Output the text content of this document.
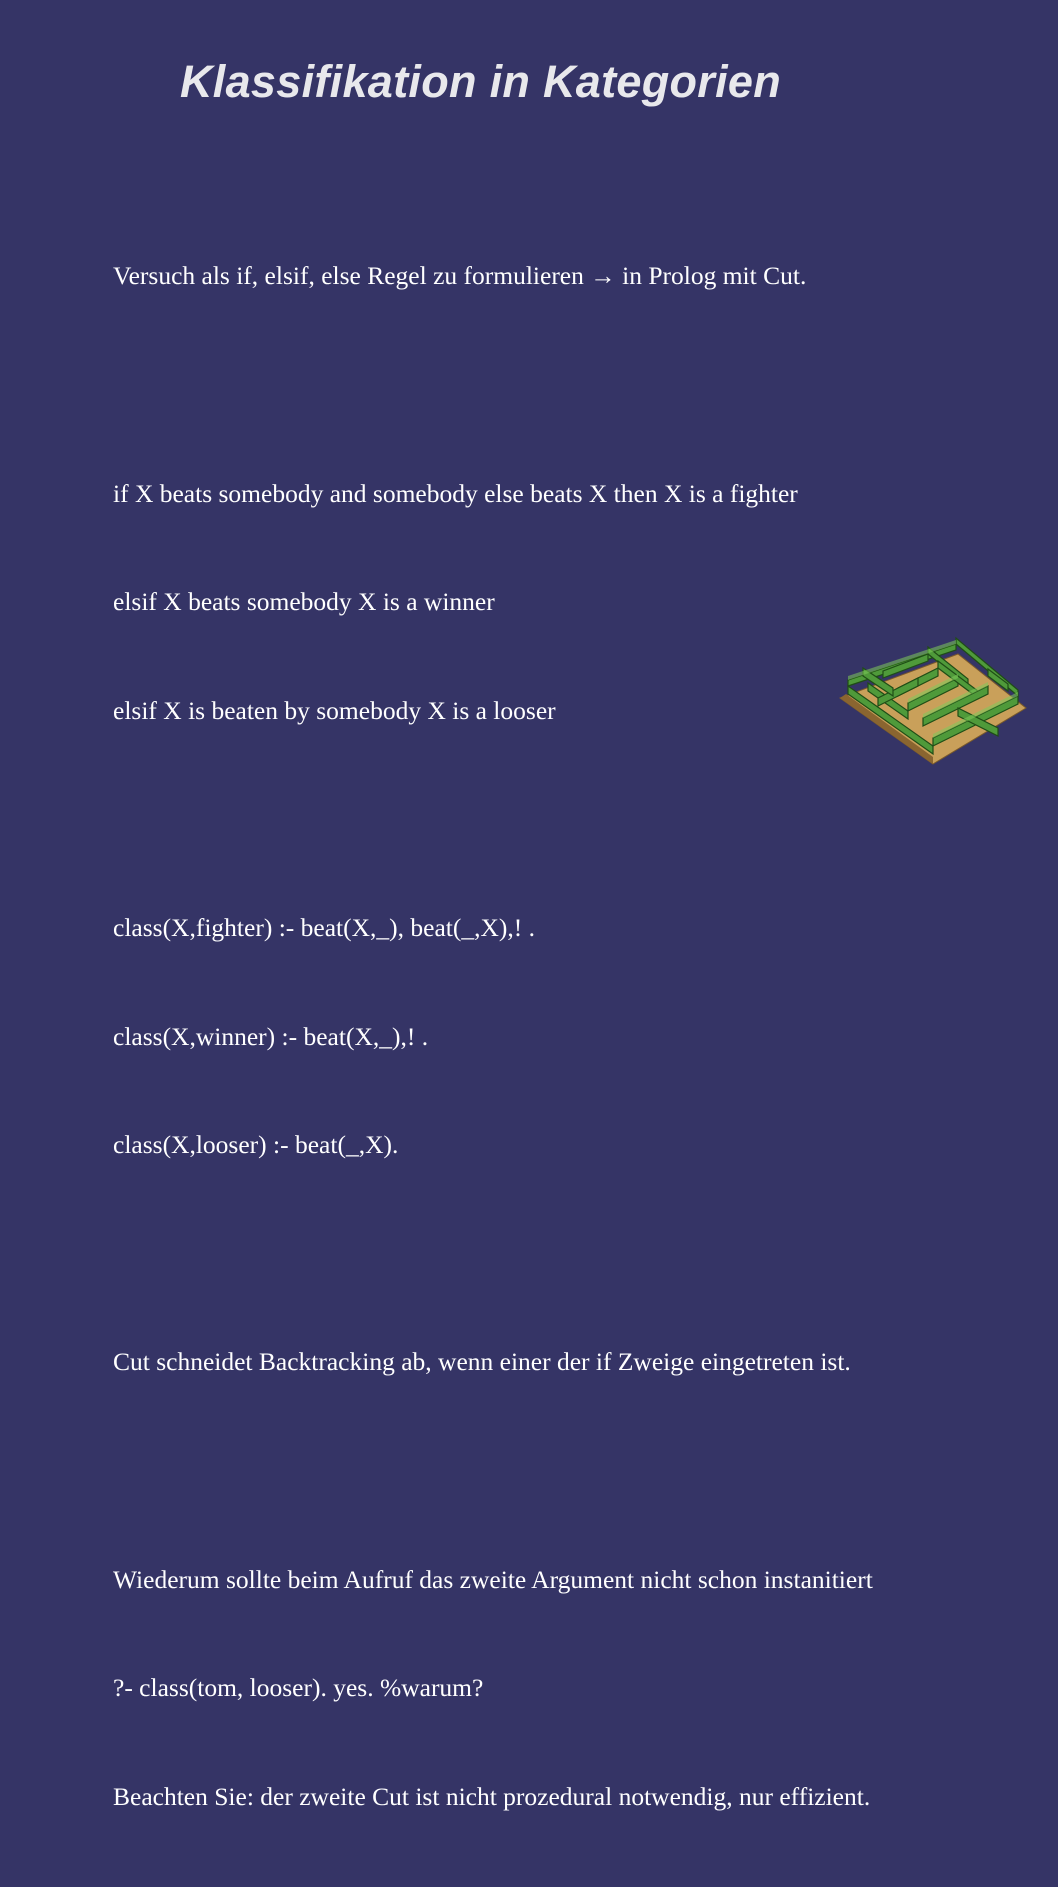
Klassifikation in Kategorien

Versuch als if, elsif, else Regel zu formulieren → in Prolog mit Cut.

if X beats somebody and somebody else beats X then X is a fighter

elsif X beats somebody X is a winner

elsif X is beaten by somebody X is a looser

class(X,fighter) :- beat(X,_), beat(_,X),! .

class(X,winner) :- beat(X,_),! .

class(X,looser) :- beat(_,X).

Cut schneidet Backtracking ab, wenn einer der if Zweige eingetreten ist.

Wiederum sollte beim Aufruf das zweite Argument nicht schon instanitiert

?- class(tom, looser). yes. %warum?

Beachten Sie: der zweite Cut ist nicht prozedural notwendig, nur effizient.
